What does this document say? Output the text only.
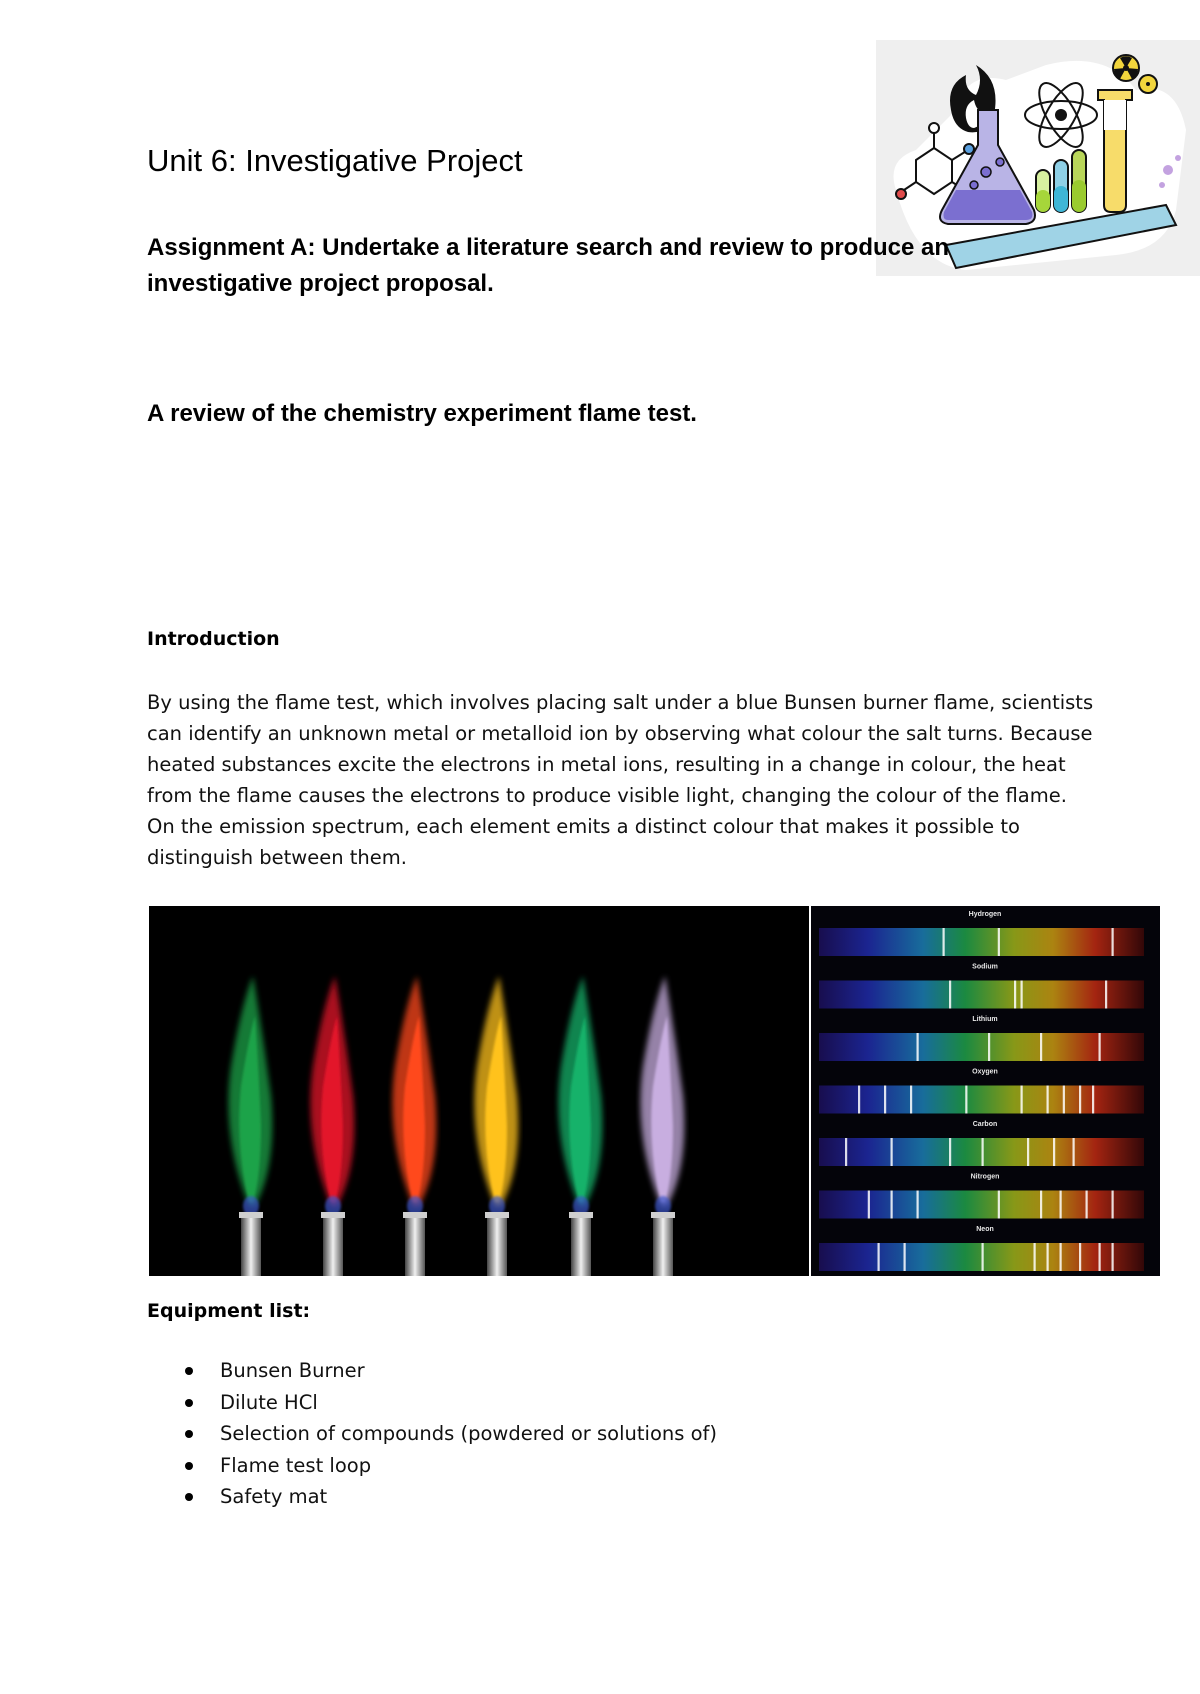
Unit 6: Investigative Project
Assignment A: Undertake a literature search and review to produce an investigative project proposal.
A review of the chemistry experiment flame test.
Introduction

By using the flame test, which involves placing salt under a blue Bunsen burner flame, scientists can identify an unknown metal or metalloid ion by observing what colour the salt turns. Because heated substances excite the electrons in metal ions, resulting in a change in colour, the heat from the flame causes the electrons to produce visible light, changing the colour of the flame. On the emission spectrum, each element emits a distinct colour that makes it possible to distinguish between them.

Hydrogen
Sodium
Lithium
Oxygen
Carbon
Nitrogen
Neon
Equipment list:
Bunsen Burner
Dilute HCl
Selection of compounds (powdered or solutions of)
Flame test loop
Safety mat
